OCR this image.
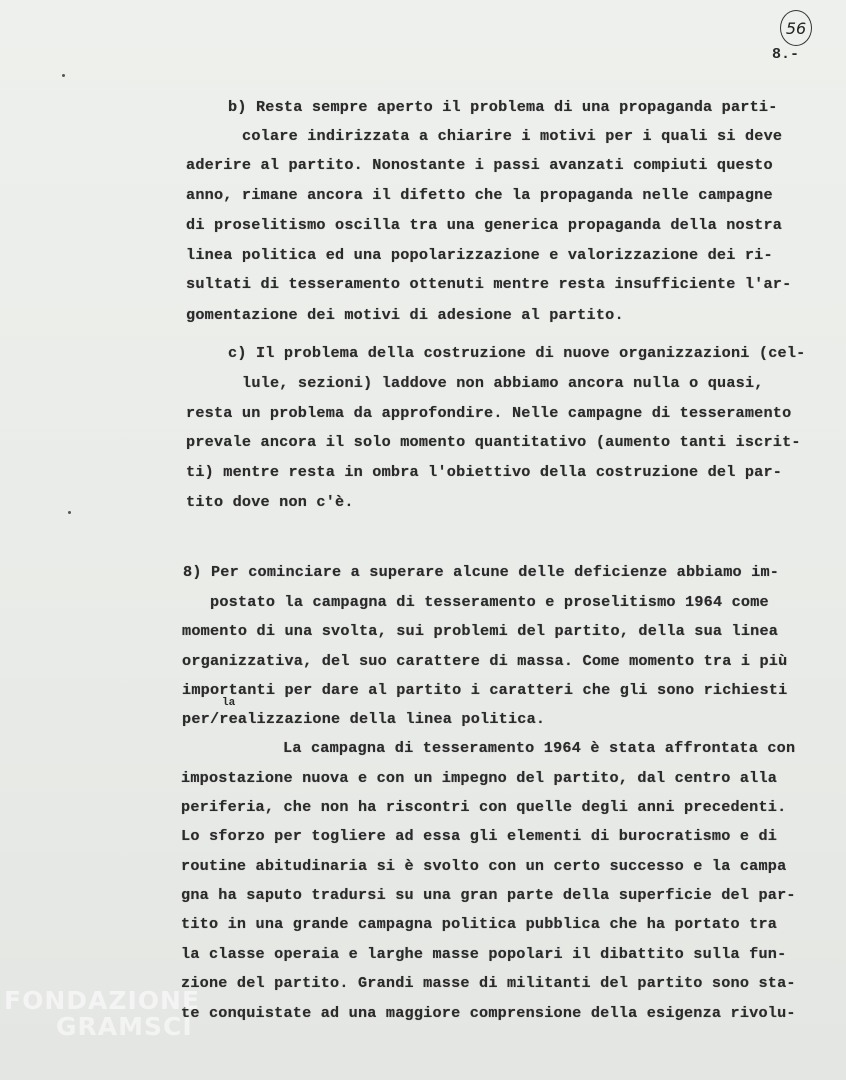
56
8.-
b) Resta sempre aperto il problema di una propaganda parti-
colare indirizzata a chiarire i motivi per i quali si deve
aderire al partito. Nonostante i passi avanzati compiuti questo
anno, rimane ancora il difetto che la propaganda nelle campagne
di proselitismo oscilla tra una generica propaganda della nostra
linea politica ed una popolarizzazione e valorizzazione dei ri-
sultati di tesseramento ottenuti mentre resta insufficiente l'ar-
gomentazione dei motivi di adesione al partito.
c) Il problema della costruzione di nuove organizzazioni (cel-
lule, sezioni) laddove non abbiamo ancora nulla o quasi,
resta un problema da approfondire. Nelle campagne di tesseramento
prevale ancora il solo momento quantitativo (aumento tanti iscrit-
ti) mentre resta in ombra l'obiettivo della costruzione del par-
tito dove non c'è.
8) Per cominciare a superare alcune delle deficienze abbiamo im-
postato la campagna di tesseramento e proselitismo 1964 come
momento di una svolta, sui problemi del partito, della sua linea
organizzativa, del suo carattere di massa. Come momento tra i più
importanti per dare al partito i caratteri che gli sono richiesti
per/realizzazione della linea politica.
la
La campagna di tesseramento 1964 è stata affrontata con
impostazione nuova e con un impegno del partito, dal centro alla
periferia, che non ha riscontri con quelle degli anni precedenti.
Lo sforzo per togliere ad essa gli elementi di burocratismo e di
routine abitudinaria si è svolto con un certo successo e la campa
gna ha saputo tradursi su una gran parte della superficie del par-
tito in una grande campagna politica pubblica che ha portato tra
la classe operaia e larghe masse popolari il dibattito sulla fun-
zione del partito. Grandi masse di militanti del partito sono sta-
te conquistate ad una maggiore comprensione della esigenza rivolu-
FONDAZIONE
GRAMSCI
